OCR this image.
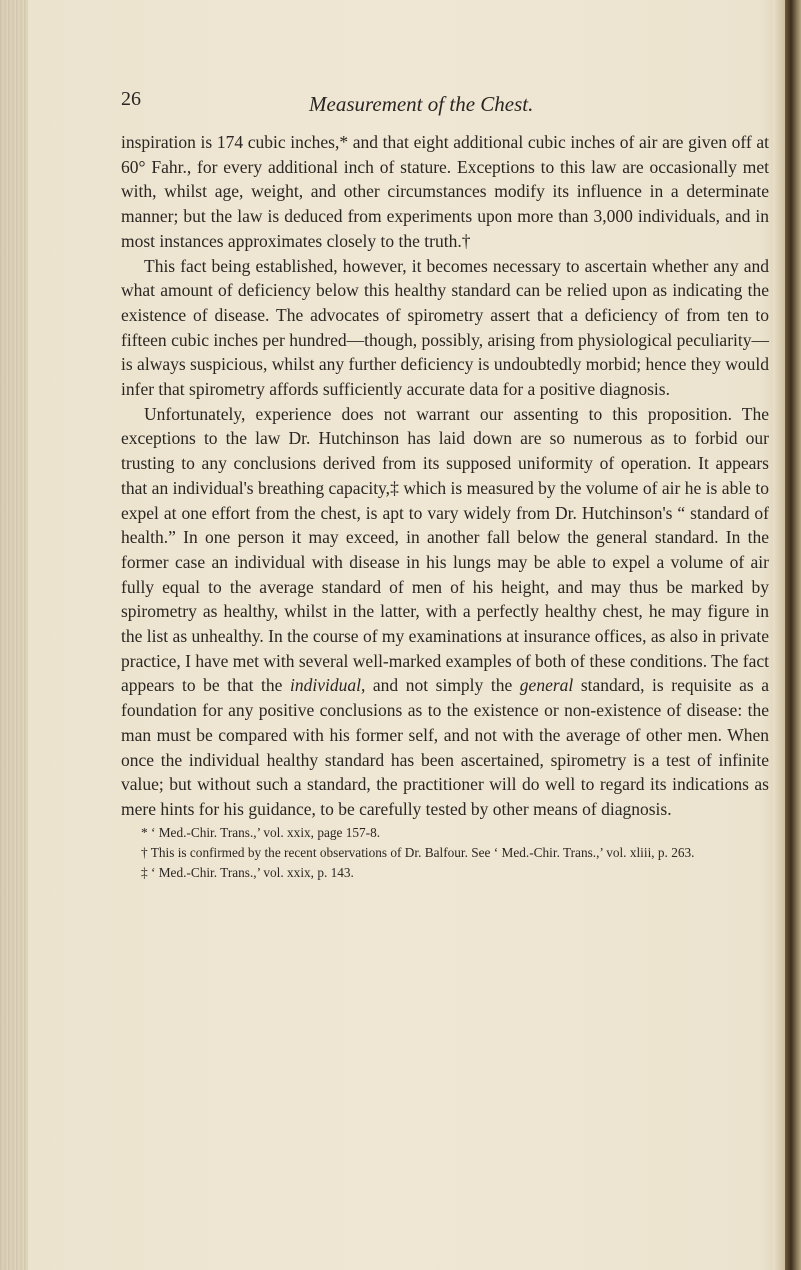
26	Measurement of the Chest.

inspiration is 174 cubic inches,* and that eight additional cubic inches of air are given off at 60° Fahr., for every additional inch of stature. Exceptions to this law are occasionally met with, whilst age, weight, and other circumstances modify its influence in a determinate manner; but the law is deduced from experiments upon more than 3,000 individuals, and in most instances approximates closely to the truth.†

This fact being established, however, it becomes necessary to ascertain whether any and what amount of deficiency below this healthy standard can be relied upon as indicating the existence of disease. The advocates of spirometry assert that a deficiency of from ten to fifteen cubic inches per hundred—though, possibly, arising from physiological peculiarity—is always suspicious, whilst any further deficiency is undoubtedly morbid; hence they would infer that spirometry affords sufficiently accurate data for a positive diagnosis.

Unfortunately, experience does not warrant our assenting to this proposition. The exceptions to the law Dr. Hutchinson has laid down are so numerous as to forbid our trusting to any conclusions derived from its supposed uniformity of operation. It appears that an individual's breathing capacity,‡ which is measured by the volume of air he is able to expel at one effort from the chest, is apt to vary widely from Dr. Hutchinson's “ standard of health.” In one person it may exceed, in another fall below the general standard. In the former case an individual with disease in his lungs may be able to expel a volume of air fully equal to the average standard of men of his height, and may thus be marked by spirometry as healthy, whilst in the latter, with a perfectly healthy chest, he may figure in the list as unhealthy. In the course of my examinations at insurance offices, as also in private practice, I have met with several well-marked examples of both of these conditions. The fact appears to be that the individual, and not simply the general standard, is requisite as a foundation for any positive conclusions as to the existence or non-existence of disease: the man must be compared with his former self, and not with the average of other men. When once the individual healthy standard has been ascertained, spirometry is a test of infinite value; but without such a standard, the practitioner will do well to regard its indications as mere hints for his guidance, to be carefully tested by other means of diagnosis.

* ‘ Med.-Chir. Trans.,’ vol. xxix, page 157-8.

† This is confirmed by the recent observations of Dr. Balfour. See ‘ Med.-Chir. Trans.,’ vol. xliii, p. 263.

‡ ‘ Med.-Chir. Trans.,’ vol. xxix, p. 143.
